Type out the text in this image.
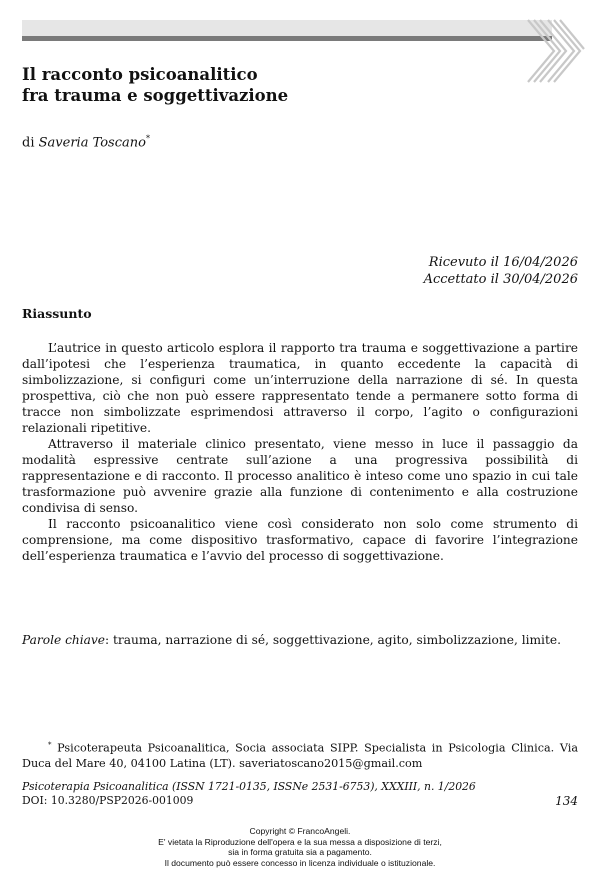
Il racconto psicoanalitico
fra trauma e soggettivazione
di Saveria Toscano*
Ricevuto il 16/04/2026
Accettato il 30/04/2026
Riassunto

L’autrice in questo articolo esplora il rapporto tra trauma e soggettivazione a partire dall’ipotesi che l’esperienza traumatica, in quanto eccedente la capacità di simbolizzazione, si configuri come un’interruzione della narrazione di sé. In questa prospettiva, ciò che non può essere rappresentato tende a permanere sotto forma di tracce non simbolizzate esprimendosi attraverso il corpo, l’agito o configurazioni relazionali ripetitive.

Attraverso il materiale clinico presentato, viene messo in luce il passaggio da modalità espressive centrate sull’azione a una progressiva possibilità di rappresentazione e di racconto. Il processo analitico è inteso come uno spazio in cui tale trasformazione può avvenire grazie alla funzione di contenimento e alla costruzione condivisa di senso.

Il racconto psicoanalitico viene così considerato non solo come strumento di comprensione, ma come dispositivo trasformativo, capace di favorire l’integrazione dell’esperienza traumatica e l’avvio del processo di soggettivazione.

Parole chiave: trauma, narrazione di sé, soggettivazione, agito, simbolizzazione, limite.

* Psicoterapeuta Psicoanalitica, Socia associata SIPP. Specialista in Psicologia Clinica. Via Duca del Mare 40, 04100 Latina (LT). saveriatoscano2015@gmail.com

Psicoterapia Psicoanalitica (ISSN 1721-0135, ISSNe 2531-6753), XXXIII, n. 1/2026
DOI: 10.3280/PSP2026-001009	134
Copyright © FrancoAngeli.
E' vietata la Riproduzione dell'opera e la sua messa a disposizione di terzi,
sia in forma gratuita sia a pagamento.
Il documento può essere concesso in licenza individuale o istituzionale.
